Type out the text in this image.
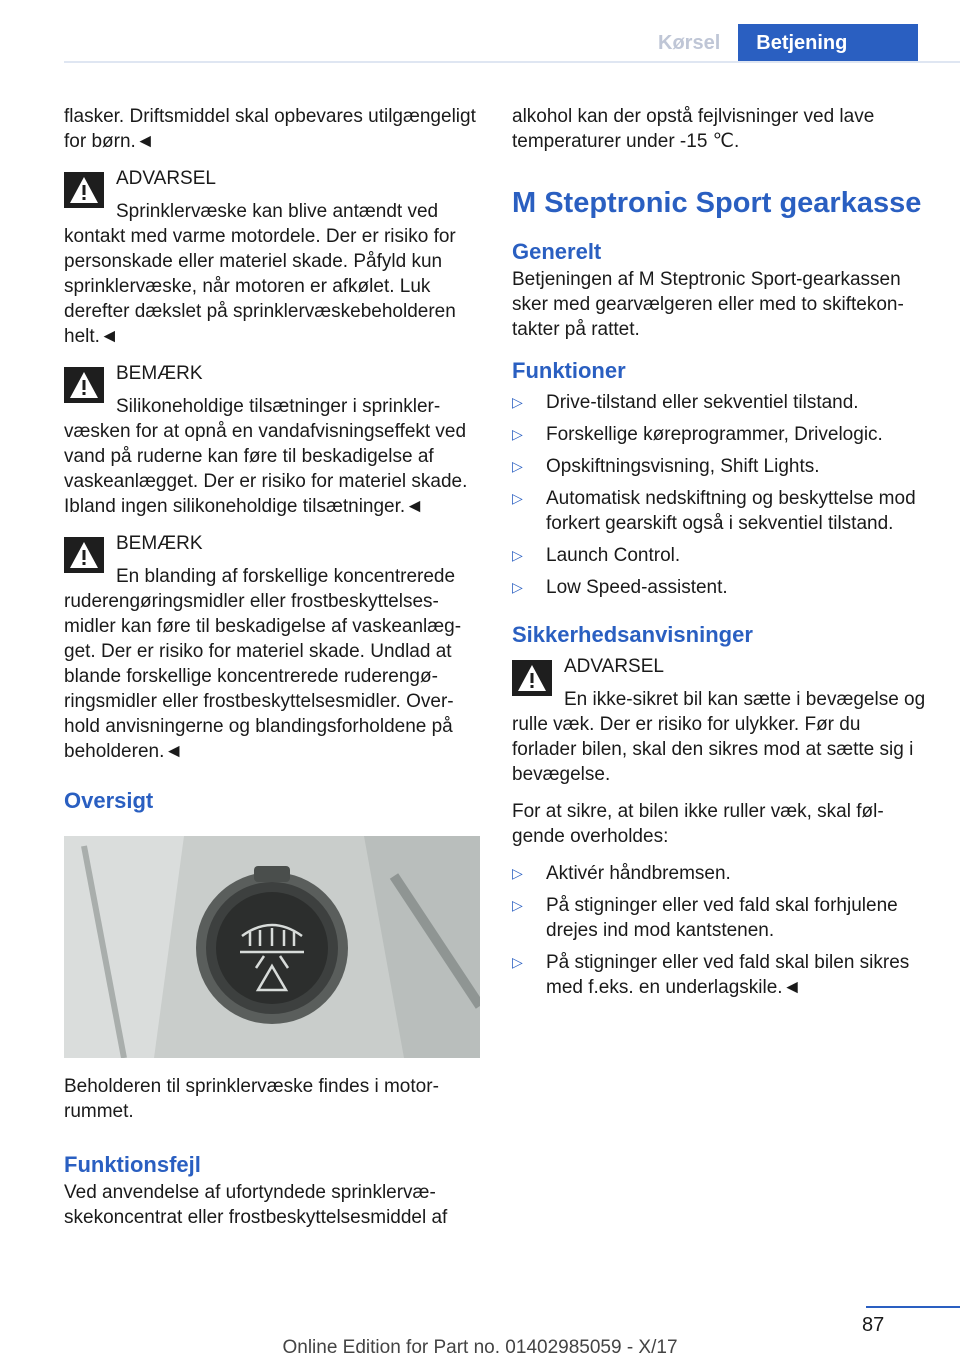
Kørsel	Betjening

flasker. Driftsmiddel skal opbevares utilgængeligt for børn.◄

ADVARSEL
Sprinklervæske kan blive antændt ved kontakt med varme motordele. Der er risiko for personskade eller materiel skade. Påfyld kun sprinklervæske, når motoren er afkølet. Luk derefter dækslet på sprinklervæskebeholderen helt.◄
BEMÆRK
Silikoneholdige tilsætninger i sprinklervæsken for at opnå en vandafvisningseffekt ved vand på ruderne kan føre til beskadigelse af vaskeanlægget. Der er risiko for materiel skade. Ibland ingen silikoneholdige tilsætninger.◄
BEMÆRK
En blanding af forskellige koncentrerede ruderengøringsmidler eller frostbeskyttelsesmidler kan føre til beskadigelse af vaskeanlægget. Der er risiko for materiel skade. Undlad at blande forskellige koncentrerede ruderengøringsmidler eller frostbeskyttelsesmidler. Overhold anvisningerne og blandingsforholdene på beholderen.◄
Oversigt

Beholderen til sprinklervæske findes i motorrummet.

Funktionsfejl

Ved anvendelse af ufortyndede sprinklervæskekoncentrat eller frostbeskyttelsesmiddel af

alkohol kan der opstå fejlvisninger ved lave temperaturer under -15 ℃.

M Steptronic Sport gearkasse
Generelt

Betjeningen af M Steptronic Sport-gearkassen sker med gearvælgeren eller med to skiftekontakter på rattet.

Funktioner
▷ Drive-tilstand eller sekventiel tilstand.
▷ Forskellige køreprogrammer, Drivelogic.
▷ Opskiftningsvisning, Shift Lights.
▷ Automatisk nedskiftning og beskyttelse mod forkert gearskift også i sekventiel tilstand.
▷ Launch Control.
▷ Low Speed-assistent.
Sikkerhedsanvisninger
ADVARSEL
En ikke-sikret bil kan sætte i bevægelse og rulle væk. Der er risiko for ulykker. Før du forlader bilen, skal den sikres mod at sætte sig i bevægelse.

For at sikre, at bilen ikke ruller væk, skal følgende overholdes:

▷ Aktivér håndbremsen.
▷ På stigninger eller ved fald skal forhjulene drejes ind mod kantstenen.
▷ På stigninger eller ved fald skal bilen sikres med f.eks. en underlagskile.◄
87
Online Edition for Part no. 01402985059 - X/17
